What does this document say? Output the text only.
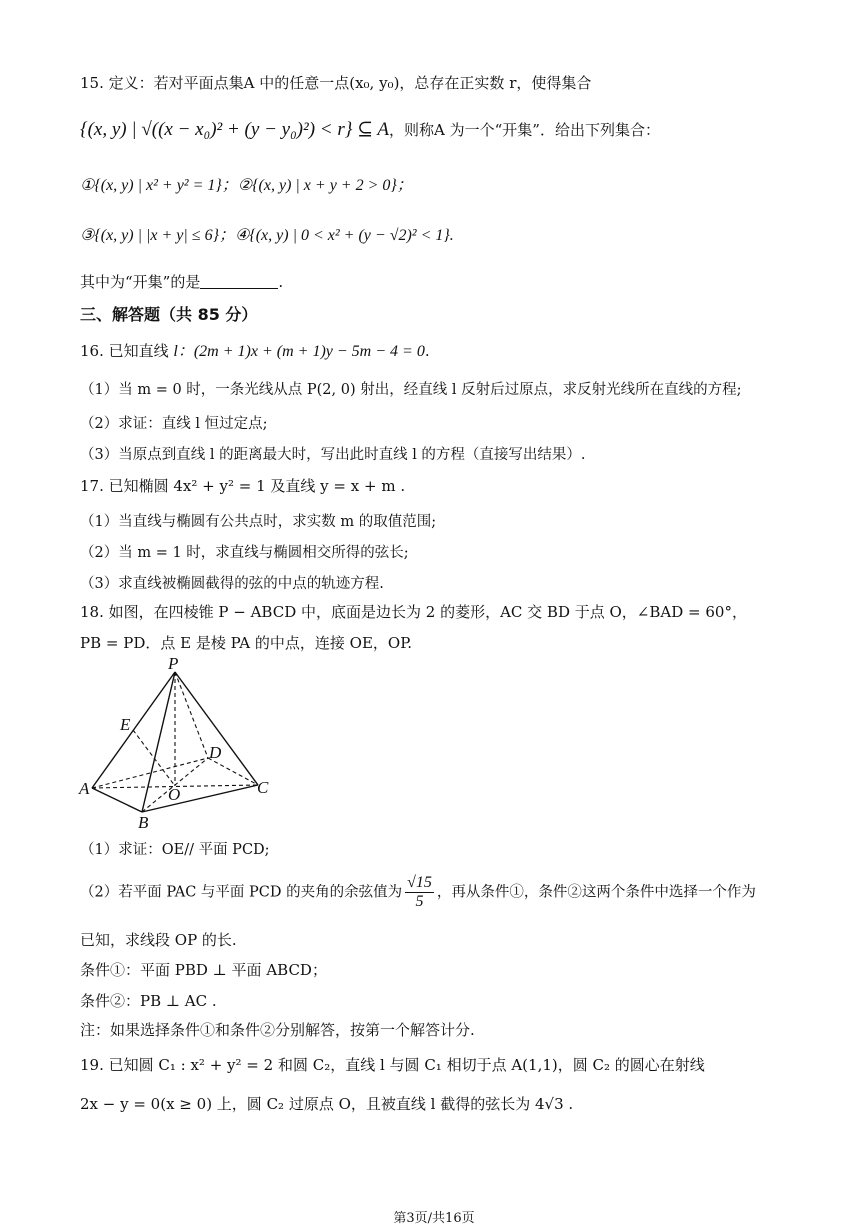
15. 定义：若对平面点集A 中的任意一点(x₀, y₀)，总存在正实数 r，使得集合
{(x, y) | √((x − x₀)² + (y − y₀)²) < r} ⊆ A，则称A 为一个“开集”．给出下列集合：
①{(x, y) | x² + y² = 1}；②{(x, y) | x + y + 2 > 0}；
③{(x, y) | |x + y| ≤ 6}；④{(x, y) | 0 < x² + (y − √2)² < 1}.
其中为“开集”的是	.
三、解答题（共 85 分）
16. 已知直线 l：(2m + 1)x + (m + 1)y − 5m − 4 = 0.
（1）当 m = 0 时，一条光线从点 P(2, 0) 射出，经直线 l 反射后过原点，求反射光线所在直线的方程;
（2）求证：直线 l 恒过定点;
（3）当原点到直线 l 的距离最大时，写出此时直线 l 的方程（直接写出结果）.
17. 已知椭圆 4x² + y² = 1 及直线 y = x + m .
（1）当直线与椭圆有公共点时，求实数 m 的取值范围;
（2）当 m = 1 时，求直线与椭圆相交所得的弦长;
（3）求直线被椭圆截得的弦的中点的轨迹方程.
18. 如图，在四棱锥 P − ABCD 中，底面是边长为 2 的菱形，AC 交 BD 于点 O，∠BAD = 60°，
PB = PD．点 E 是棱 PA 的中点，连接 OE，OP.
P
E
D
A	O	C
B
（1）求证：OE// 平面 PCD;
（2）若平面 PAC 与平面 PCD 的夹角的余弦值为 $\frac{√15}{5}$ ，再从条件①，条件②这两个条件中选择一个作为
已知，求线段 OP 的长.
条件①：平面 PBD ⊥ 平面 ABCD；
条件②：PB ⊥ AC .
注：如果选择条件①和条件②分别解答，按第一个解答计分.
19. 已知圆 C₁ : x² + y² = 2 和圆 C₂，直线 l 与圆 C₁ 相切于点 A(1,1)，圆 C₂ 的圆心在射线
2x − y = 0(x ≥ 0) 上，圆 C₂ 过原点 O，且被直线 l 截得的弦长为 4√3 .
第3页/共16页
